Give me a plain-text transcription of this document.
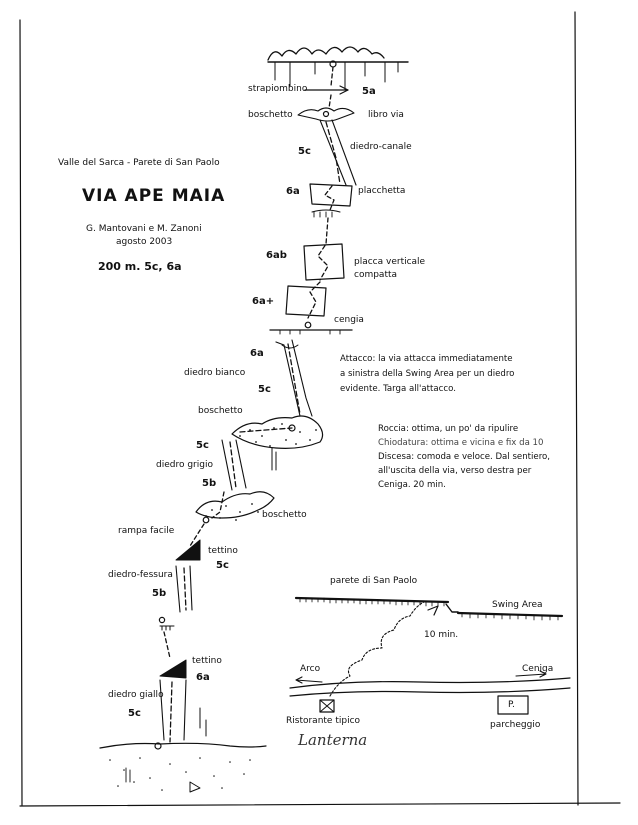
Valle del Sarca - Parete di San Paolo
VIA APE MAIA
G. Mantovani e M. Zanoni
agosto 2003
200 m. 5c, 6a
strapiombino
boschetto	libro via
diedro-canale
placchetta
placca verticale
compatta
cengia
diedro bianco
boschetto
diedro grigio
boschetto
rampa facile
tettino
diedro-fessura
tettino
diedro giallo
5a
5c
6a
6ab
6a+
6a
5c
5c
5b
5c
5b
6a
5c
Attacco: la via attacca immediatamente
a sinistra della Swing Area per un diedro
evidente. Targa all'attacco.
Roccia: ottima, un po' da ripulire
Chiodatura: ottima e vicina e fix da 10
Discesa: comoda e veloce. Dal sentiero,
all'uscita della via, verso destra per
Ceniga. 20 min.
parete di San Paolo
Swing Area
10 min.
Arco	Ceniga
Ristorante tipico
Lanterna
P.
parcheggio
